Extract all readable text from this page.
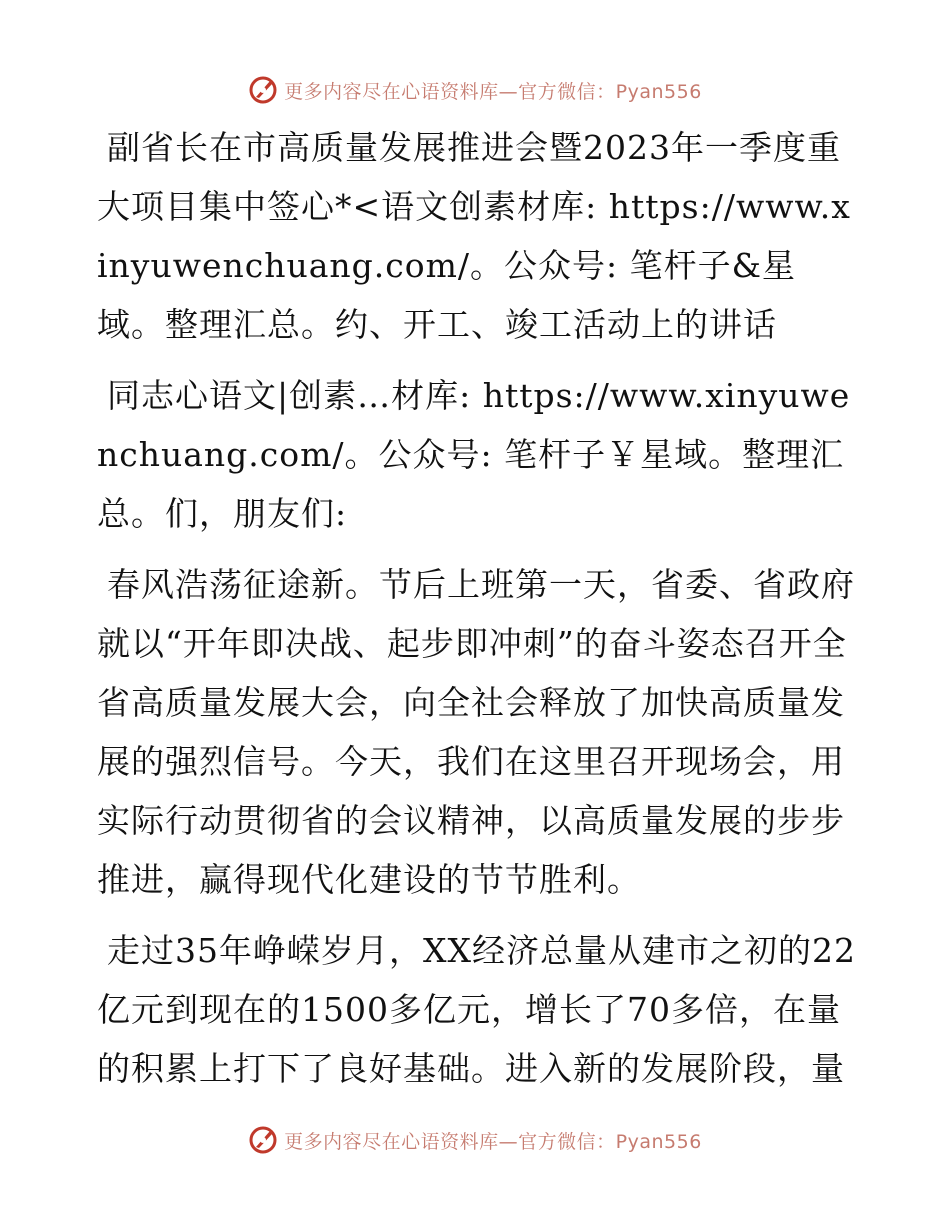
更多内容尽在心语资料库—官方微信：Pyan556

副省长在市高质量发展推进会暨2023年一季度重大项目集中签心*<语文创素材库: https://www.xinyuwenchuang.com/。公众号: 笔杆子&星域。整理汇总。约、开工、竣工活动上的讲话

同志心语文|创素…材库: https://www.xinyuwenchuang.com/。公众号: 笔杆子￥星域。整理汇总。们，朋友们:

春风浩荡征途新。节后上班第一天，省委、省政府就以“开年即决战、起步即冲刺”的奋斗姿态召开全省高质量发展大会，向全社会释放了加快高质量发展的强烈信号。今天，我们在这里召开现场会，用实际行动贯彻省的会议精神，以高质量发展的步步推进，赢得现代化建设的节节胜利。

走过35年峥嵘岁月，XX经济总量从建市之初的22亿元到现在的1500多亿元，增长了70多倍，在量的积累上打下了良好基础。进入新的发展阶段，量

更多内容尽在心语资料库—官方微信：Pyan556
